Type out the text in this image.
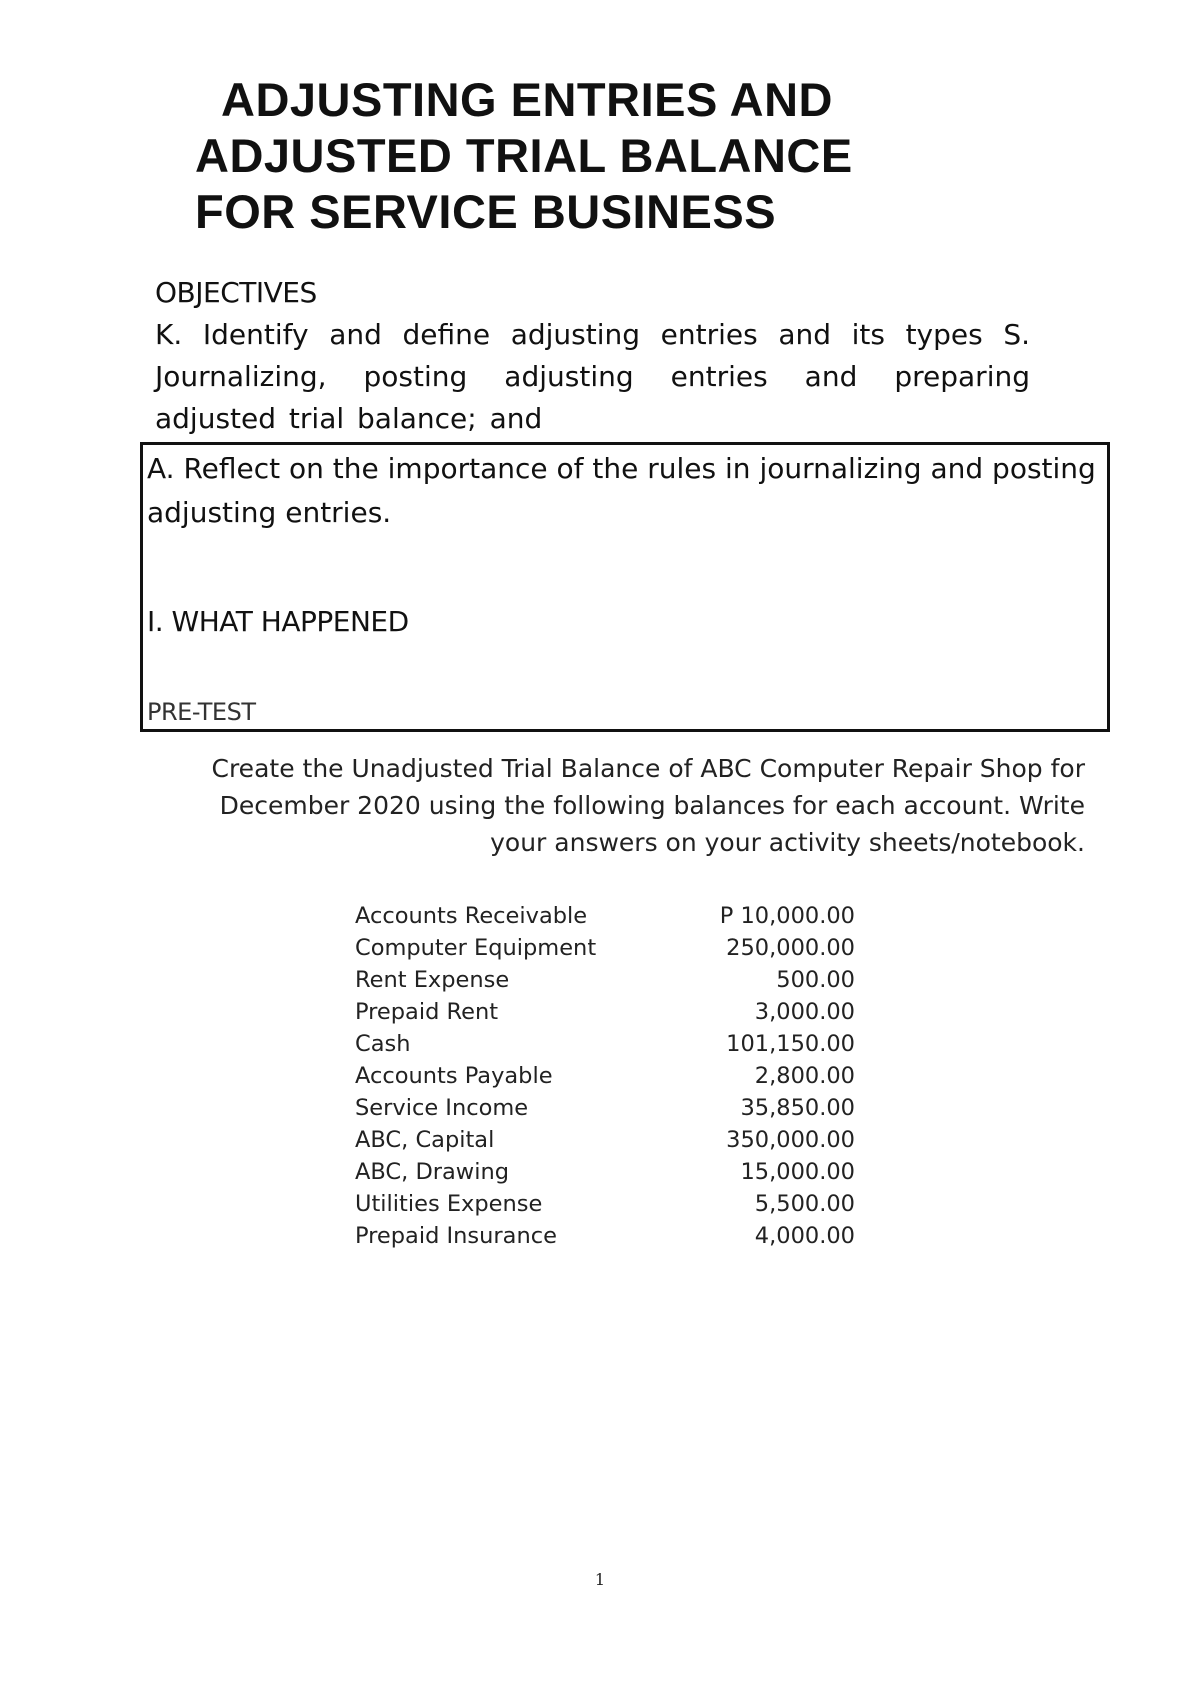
ADJUSTING ENTRIES AND
ADJUSTED TRIAL BALANCE
FOR SERVICE BUSINESS
OBJECTIVES
K. Identify and define adjusting entries and its types S. Journalizing, posting adjusting entries and preparing adjusted trial balance; and
A. Reflect on the importance of the rules in journalizing and posting adjusting entries.
I. WHAT HAPPENED
PRE-TEST
Create the Unadjusted Trial Balance of ABC Computer Repair Shop for
December 2020 using the following balances for each account. Write
your answers on your activity sheets/notebook.
Accounts Receivable	P 10,000.00
Computer Equipment	250,000.00
Rent Expense	500.00
Prepaid Rent	3,000.00
Cash	101,150.00
Accounts Payable	2,800.00
Service Income	35,850.00
ABC, Capital	350,000.00
ABC, Drawing	15,000.00
Utilities Expense	5,500.00
Prepaid Insurance	4,000.00
1
